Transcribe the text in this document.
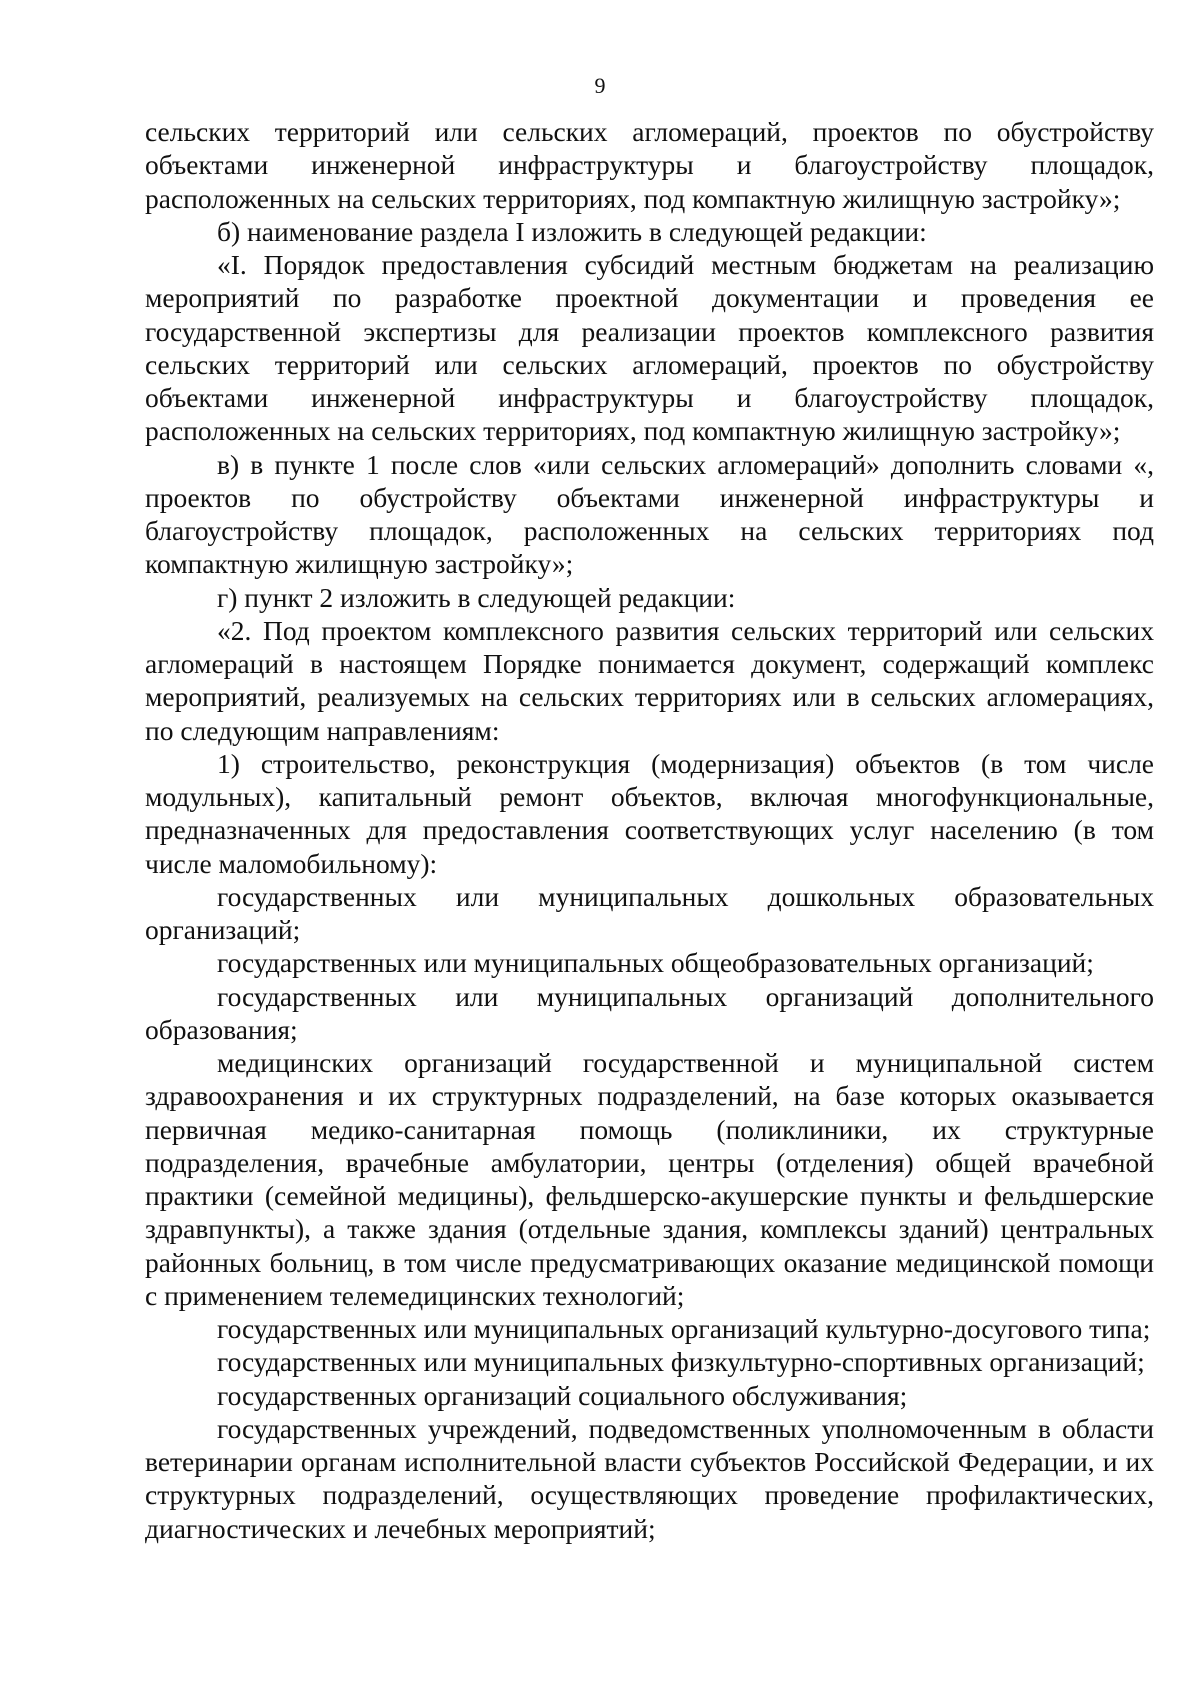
9

сельских территорий или сельских агломераций, проектов по обустройству объектами инженерной инфраструктуры и благоустройству площадок, расположенных на сельских территориях, под компактную жилищную застройку»;

б) наименование раздела I изложить в следующей редакции:

«I. Порядок предоставления субсидий местным бюджетам на реализацию мероприятий по разработке проектной документации и проведения ее государственной экспертизы для реализации проектов комплексного развития сельских территорий или сельских агломераций, проектов по обустройству объектами инженерной инфраструктуры и благоустройству площадок, расположенных на сельских территориях, под компактную жилищную застройку»;

в) в пункте 1 после слов «или сельских агломераций» дополнить словами «, проектов по обустройству объектами инженерной инфраструктуры и благоустройству площадок, расположенных на сельских территориях под компактную жилищную застройку»;

г) пункт 2 изложить в следующей редакции:

«2. Под проектом комплексного развития сельских территорий или сельских агломераций в настоящем Порядке понимается документ, содержащий комплекс мероприятий, реализуемых на сельских территориях или в сельских агломерациях, по следующим направлениям:

1) строительство, реконструкция (модернизация) объектов (в том числе модульных), капитальный ремонт объектов, включая многофункциональные, предназначенных для предоставления соответствующих услуг населению (в том числе маломобильному):

государственных или муниципальных дошкольных образовательных организаций;

государственных или муниципальных общеобразовательных организаций;

государственных или муниципальных организаций дополнительного образования;

медицинских организаций государственной и муниципальной систем здравоохранения и их структурных подразделений, на базе которых оказывается первичная медико-санитарная помощь (поликлиники, их структурные подразделения, врачебные амбулатории, центры (отделения) общей врачебной практики (семейной медицины), фельдшерско-акушерские пункты и фельдшерские здравпункты), а также здания (отдельные здания, комплексы зданий) центральных районных больниц, в том числе предусматривающих оказание медицинской помощи с применением телемедицинских технологий;

государственных или муниципальных организаций культурно-досугового типа;

государственных или муниципальных физкультурно-спортивных организаций;

государственных организаций социального обслуживания;

государственных учреждений, подведомственных уполномоченным в области ветеринарии органам исполнительной власти субъектов Российской Федерации, и их структурных подразделений, осуществляющих проведение профилактических, диагностических и лечебных мероприятий;
